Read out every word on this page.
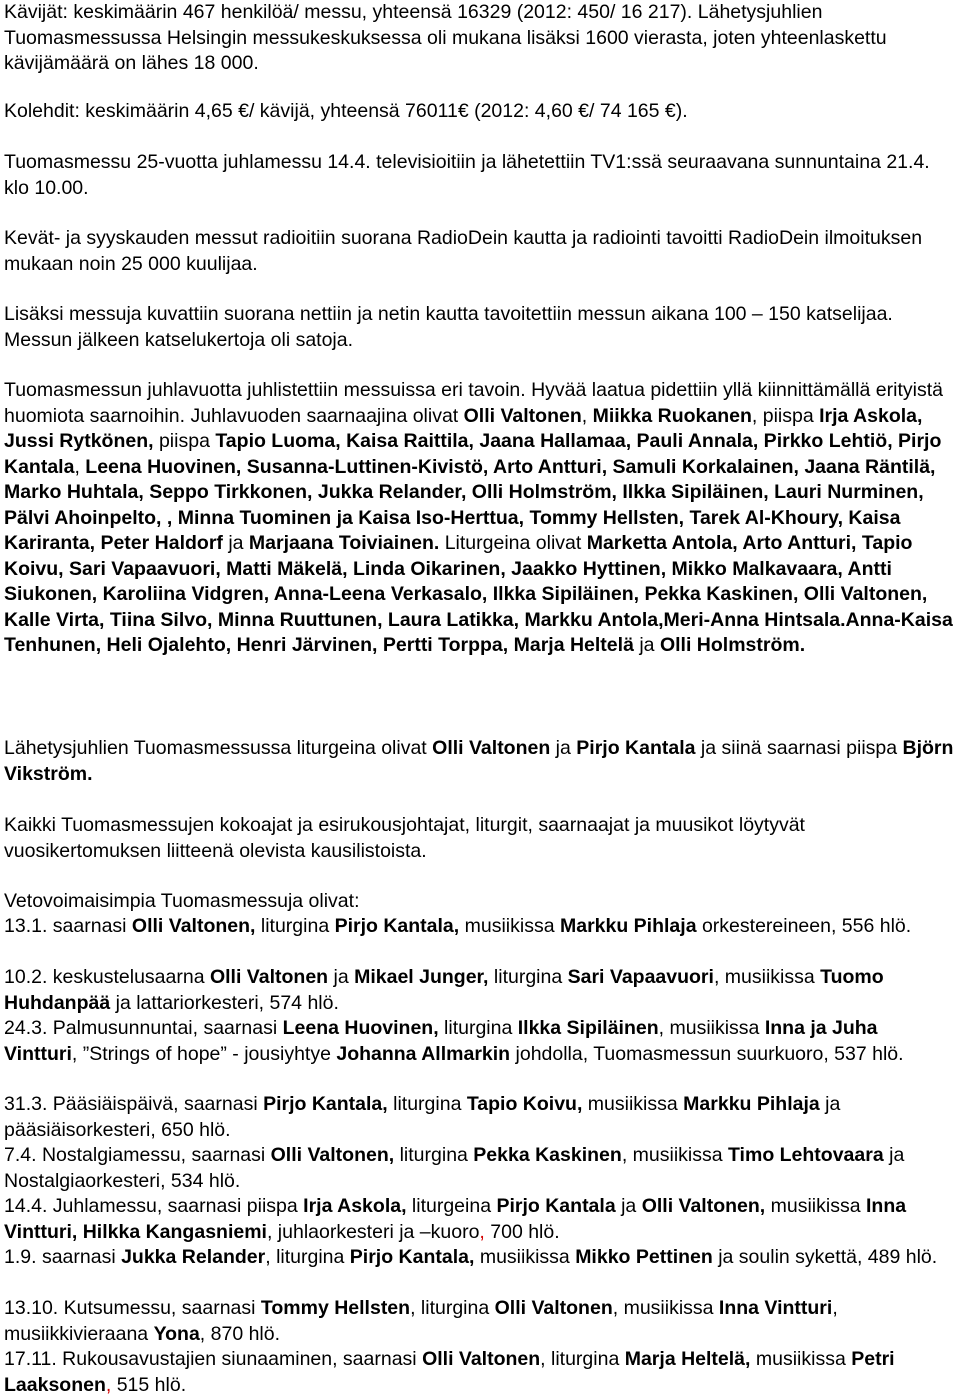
Kävijät: keskimäärin 467 henkilöä/ messu, yhteensä 16329 (2012: 450/ 16 217). Lähetysjuhlien Tuomasmessussa Helsingin messukeskuksessa oli mukana lisäksi 1600 vierasta, joten yhteenlaskettu kävijämäärä on lähes 18 000.

Kolehdit: keskimäärin 4,65 €/ kävijä, yhteensä 76011€ (2012: 4,60 €/ 74 165 €).

Tuomasmessu 25-vuotta juhlamessu 14.4. televisioitiin ja lähetettiin TV1:ssä seuraavana sunnuntaina 21.4. klo 10.00.

Kevät- ja syyskauden messut radioitiin suorana RadioDein kautta ja radiointi tavoitti RadioDein ilmoituksen mukaan noin 25 000 kuulijaa.

Lisäksi messuja kuvattiin suorana nettiin ja netin kautta tavoitettiin messun aikana 100 – 150 katselijaa. Messun jälkeen katselukertoja oli satoja.

Tuomasmessun juhlavuotta juhlistettiin messuissa eri tavoin. Hyvää laatua pidettiin yllä kiinnittämällä erityistä huomiota saarnoihin. Juhlavuoden saarnaajina olivat Olli Valtonen, Miikka Ruokanen, piispa Irja Askola, Jussi Rytkönen, piispa Tapio Luoma, Kaisa Raittila, Jaana Hallamaa, Pauli Annala, Pirkko Lehtiö, Pirjo Kantala, Leena Huovinen, Susanna-Luttinen-Kivistö, Arto Antturi, Samuli Korkalainen, Jaana Räntilä, Marko Huhtala, Seppo Tirkkonen, Jukka Relander, Olli Holmström, Ilkka Sipiläinen, Lauri Nurminen, Pälvi Ahoinpelto, , Minna Tuominen ja Kaisa Iso-Herttua, Tommy Hellsten, Tarek Al-Khoury, Kaisa Kariranta, Peter Haldorf ja Marjaana Toiviainen. Liturgeina olivat Marketta Antola, Arto Antturi, Tapio Koivu, Sari Vapaavuori, Matti Mäkelä, Linda Oikarinen, Jaakko Hyttinen, Mikko Malkavaara, Antti Siukonen, Karoliina Vidgren, Anna-Leena Verkasalo, Ilkka Sipiläinen, Pekka Kaskinen, Olli Valtonen, Kalle Virta, Tiina Silvo, Minna Ruuttunen, Laura Latikka, Markku Antola,Meri-Anna Hintsala.Anna-Kaisa Tenhunen, Heli Ojalehto, Henri Järvinen, Pertti Torppa, Marja Heltelä ja Olli Holmström.

Lähetysjuhlien Tuomasmessussa liturgeina olivat Olli Valtonen ja Pirjo Kantala ja siinä saarnasi piispa Björn Vikström.

Kaikki Tuomasmessujen kokoajat ja esirukousjohtajat, liturgit, saarnaajat ja muusikot löytyvät vuosikertomuksen liitteenä olevista kausilistoista.

Vetovoimaisimpia Tuomasmessuja olivat:

13.1. saarnasi Olli Valtonen, liturgina Pirjo Kantala, musiikissa Markku Pihlaja orkestereineen, 556 hlö.

10.2. keskustelusaarna Olli Valtonen ja Mikael Junger, liturgina Sari Vapaavuori, musiikissa Tuomo Huhdanpää ja lattariorkesteri, 574 hlö.

24.3. Palmusunnuntai, saarnasi Leena Huovinen, liturgina Ilkka Sipiläinen, musiikissa Inna ja Juha Vintturi, ”Strings of hope” - jousiyhtye Johanna Allmarkin johdolla, Tuomasmessun suurkuoro, 537 hlö.

31.3. Pääsiäispäivä, saarnasi Pirjo Kantala, liturgina Tapio Koivu, musiikissa Markku Pihlaja ja pääsiäisorkesteri, 650 hlö.

7.4. Nostalgiamessu, saarnasi Olli Valtonen, liturgina Pekka Kaskinen, musiikissa Timo Lehtovaara ja Nostalgiaorkesteri, 534 hlö.

14.4. Juhlamessu, saarnasi piispa Irja Askola, liturgeina Pirjo Kantala ja Olli Valtonen, musiikissa Inna Vintturi, Hilkka Kangasniemi, juhlaorkesteri ja –kuoro, 700 hlö.

1.9. saarnasi Jukka Relander, liturgina Pirjo Kantala, musiikissa Mikko Pettinen ja soulin sykettä, 489 hlö.

13.10. Kutsumessu, saarnasi Tommy Hellsten, liturgina Olli Valtonen, musiikissa Inna Vintturi, musiikkivieraana Yona, 870 hlö.

17.11. Rukousavustajien siunaaminen, saarnasi Olli Valtonen, liturgina Marja Heltelä, musiikissa Petri Laaksonen, 515 hlö.
